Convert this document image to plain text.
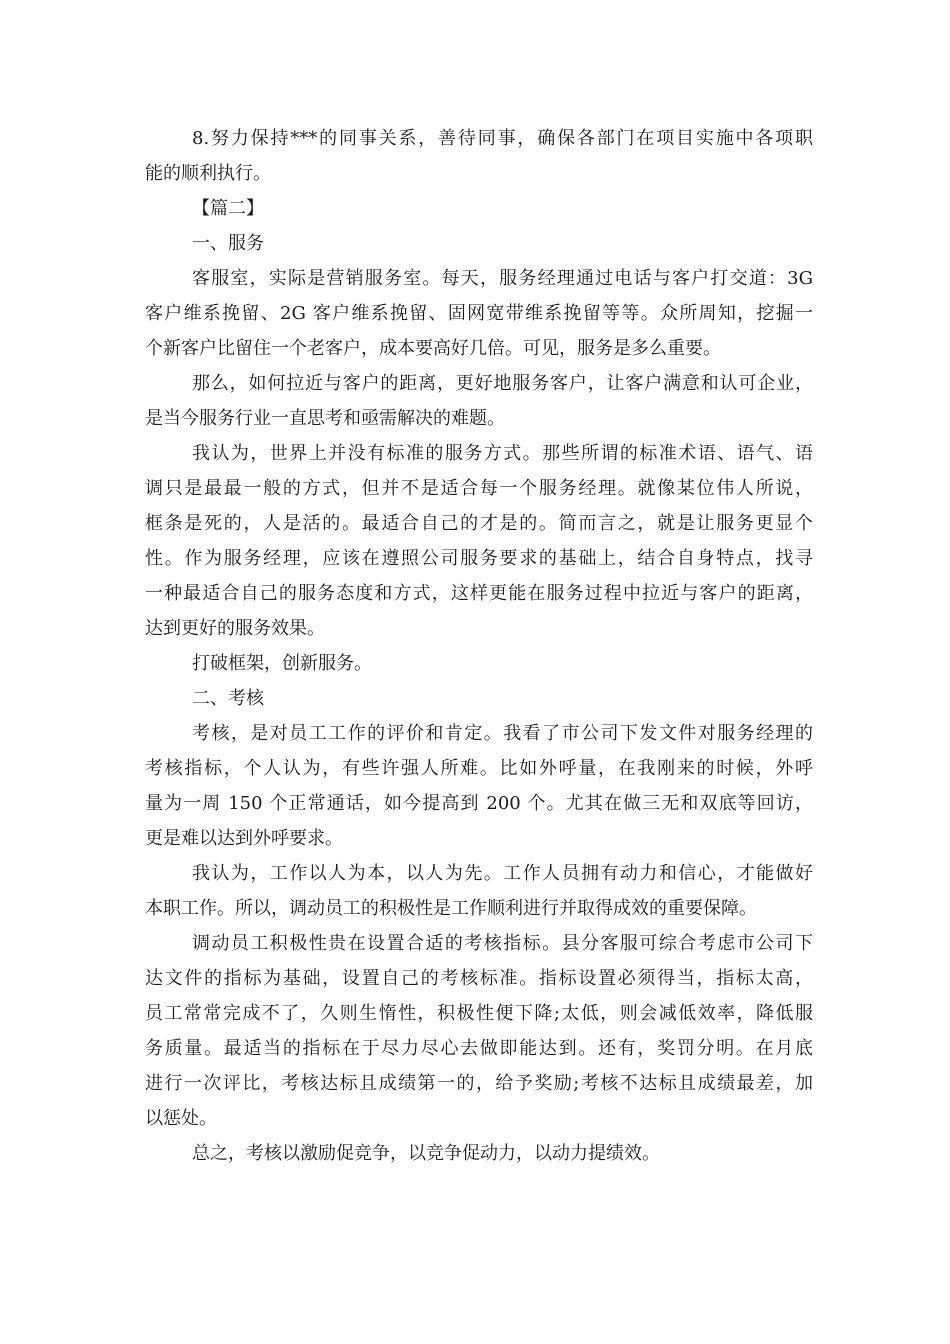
8.努力保持***的同事关系，善待同事，确保各部门在项目实施中各项职
能的顺利执行。
【篇二】
一、服务
客服室，实际是营销服务室。每天，服务经理通过电话与客户打交道：3G
客户维系挽留、2G 客户维系挽留、固网宽带维系挽留等等。众所周知，挖掘一
个新客户比留住一个老客户，成本要高好几倍。可见，服务是多么重要。
那么，如何拉近与客户的距离，更好地服务客户，让客户满意和认可企业，
是当今服务行业一直思考和亟需解决的难题。
我认为，世界上并没有标准的服务方式。那些所谓的标准术语、语气、语
调只是最最一般的方式，但并不是适合每一个服务经理。就像某位伟人所说，
框条是死的，人是活的。最适合自己的才是的。简而言之，就是让服务更显个
性。作为服务经理，应该在遵照公司服务要求的基础上，结合自身特点，找寻
一种最适合自己的服务态度和方式，这样更能在服务过程中拉近与客户的距离，
达到更好的服务效果。
打破框架，创新服务。
二、考核
考核，是对员工工作的评价和肯定。我看了市公司下发文件对服务经理的
考核指标，个人认为，有些许强人所难。比如外呼量，在我刚来的时候，外呼
量为一周 150 个正常通话，如今提高到 200 个。尤其在做三无和双底等回访，
更是难以达到外呼要求。
我认为，工作以人为本，以人为先。工作人员拥有动力和信心，才能做好
本职工作。所以，调动员工的积极性是工作顺利进行并取得成效的重要保障。
调动员工积极性贵在设置合适的考核指标。县分客服可综合考虑市公司下
达文件的指标为基础，设置自己的考核标准。指标设置必须得当，指标太高，
员工常常完成不了，久则生惰性，积极性便下降;太低，则会减低效率，降低服
务质量。最适当的指标在于尽力尽心去做即能达到。还有，奖罚分明。在月底
进行一次评比，考核达标且成绩第一的，给予奖励;考核不达标且成绩最差，加
以惩处。
总之，考核以激励促竞争，以竞争促动力，以动力提绩效。
